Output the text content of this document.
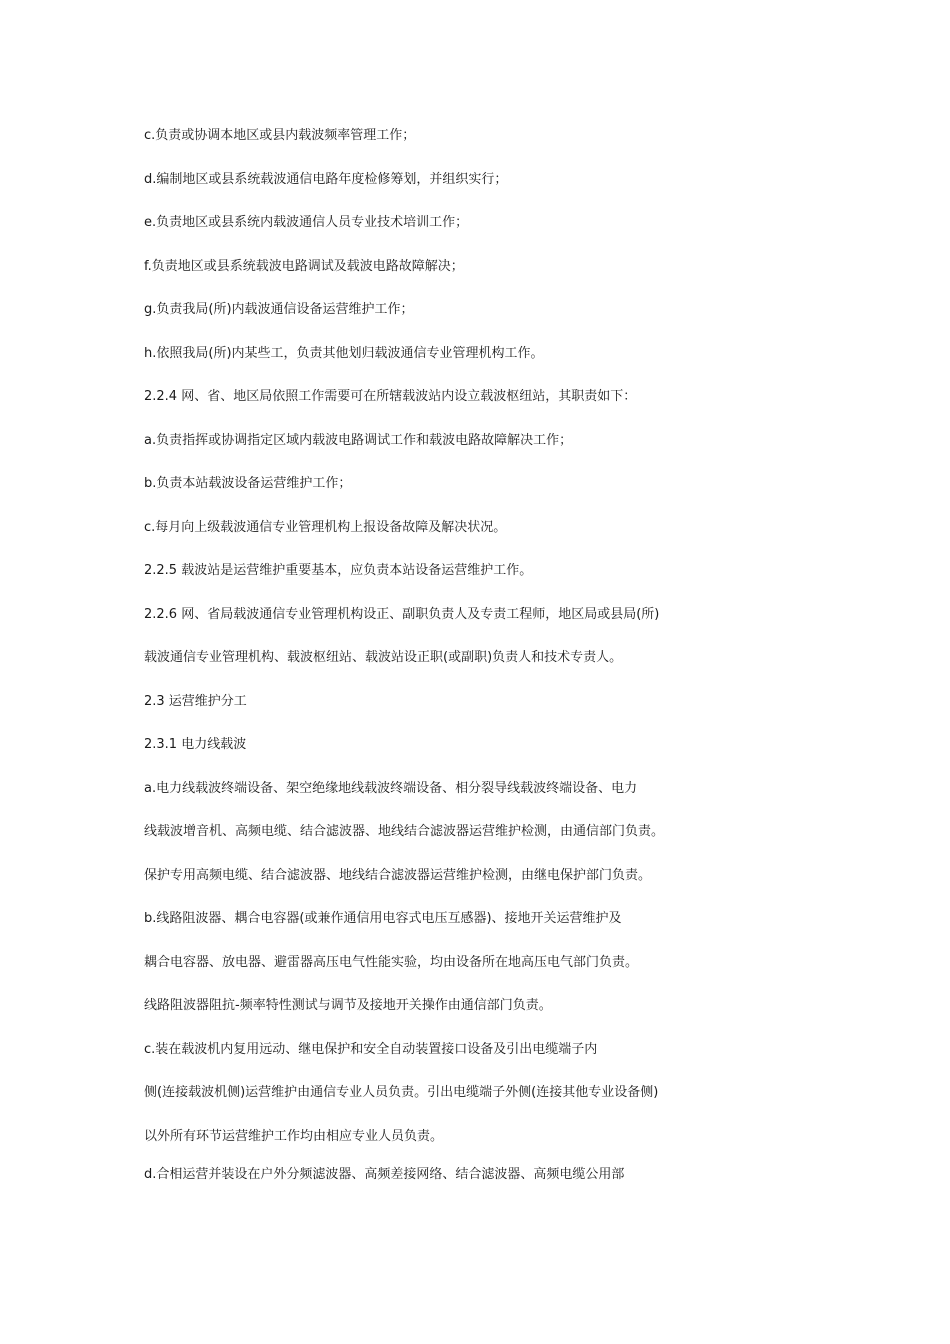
c.负责或协调本地区或县内载波频率管理工作；
d.编制地区或县系统载波通信电路年度检修筹划，并组织实行；
e.负责地区或县系统内载波通信人员专业技术培训工作；
f.负责地区或县系统载波电路调试及载波电路故障解决；
g.负责我局(所)内载波通信设备运营维护工作；
h.依照我局(所)内某些工，负责其他划归载波通信专业管理机构工作。
2.2.4 网、省、地区局依照工作需要可在所辖载波站内设立载波枢纽站，其职责如下：
a.负责指挥或协调指定区域内载波电路调试工作和载波电路故障解决工作；
b.负责本站载波设备运营维护工作；
c.每月向上级载波通信专业管理机构上报设备故障及解决状况。
2.2.5 载波站是运营维护重要基本，应负责本站设备运营维护工作。
2.2.6 网、省局载波通信专业管理机构设正、副职负责人及专责工程师，地区局或县局(所)
载波通信专业管理机构、载波枢纽站、载波站设正职(或副职)负责人和技术专责人。
2.3 运营维护分工
2.3.1 电力线载波
a.电力线载波终端设备、架空绝缘地线载波终端设备、相分裂导线载波终端设备、电力
线载波增音机、高频电缆、结合滤波器、地线结合滤波器运营维护检测，由通信部门负责。
保护专用高频电缆、结合滤波器、地线结合滤波器运营维护检测，由继电保护部门负责。
b.线路阻波器、耦合电容器(或兼作通信用电容式电压互感器)、接地开关运营维护及
耦合电容器、放电器、避雷器高压电气性能实验，均由设备所在地高压电气部门负责。
线路阻波器阻抗-频率特性测试与调节及接地开关操作由通信部门负责。
c.装在载波机内复用远动、继电保护和安全自动装置接口设备及引出电缆端子内
侧(连接载波机侧)运营维护由通信专业人员负责。引出电缆端子外侧(连接其他专业设备侧)
以外所有环节运营维护工作均由相应专业人员负责。
d.合相运营并装设在户外分频滤波器、高频差接网络、结合滤波器、高频电缆公用部
